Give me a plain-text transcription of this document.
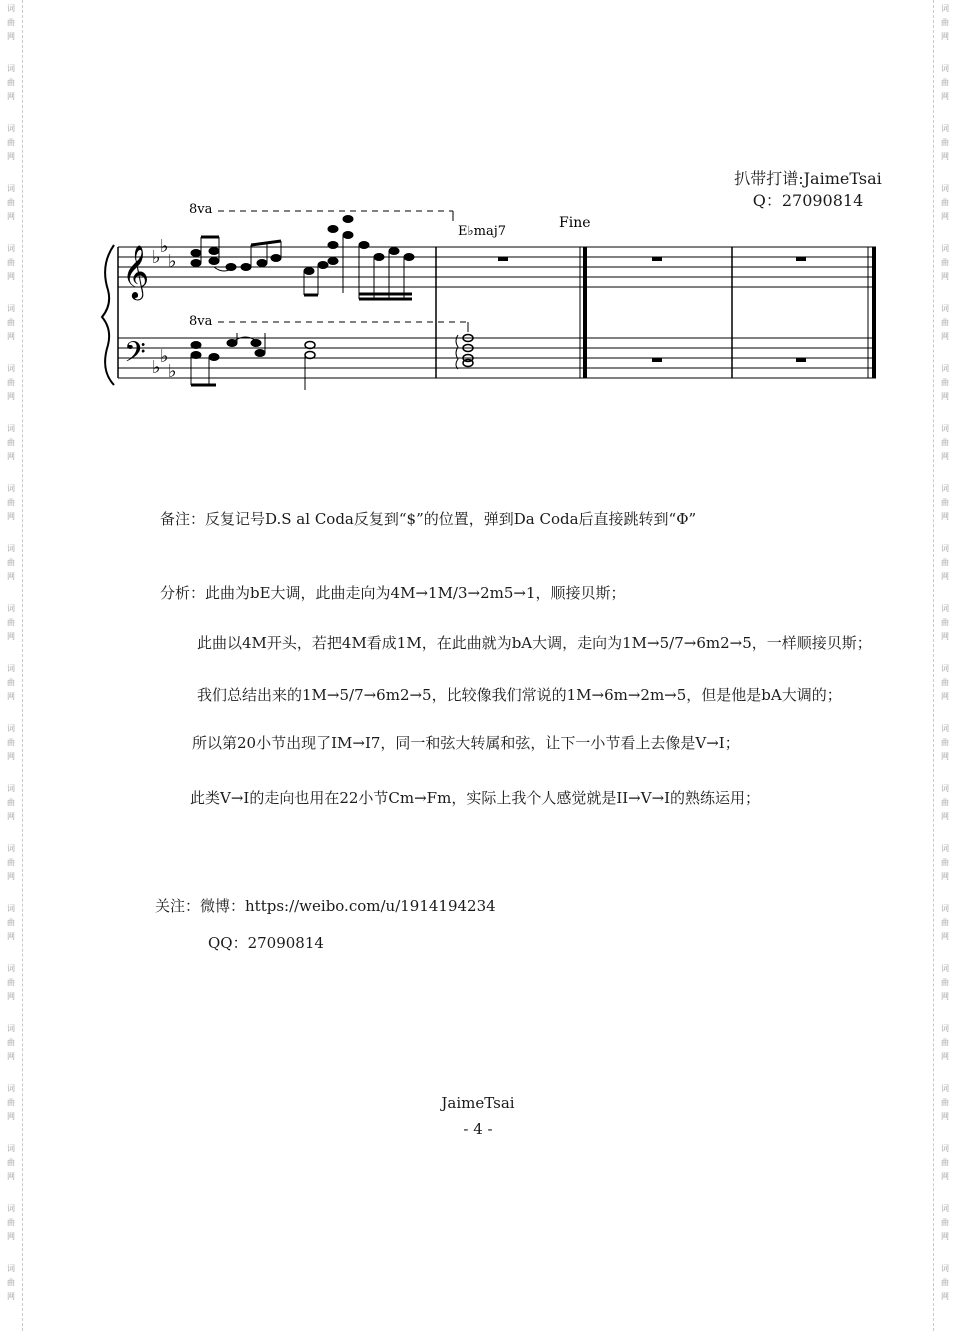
词
曲
网
词
曲
网
词
曲
网
词
曲
网
词
曲
网
词
曲
网
词
曲
网
词
曲
网
词
曲
网
词
曲
网
词
曲
网
词
曲
网
词
曲
网
词
曲
网
词
曲
网
词
曲
网
词
曲
网
词
曲
网
词
曲
网
词
曲
网
词
曲
网
词
曲
网
词
曲
网
词
曲
网
词
曲
网
词
曲
网
词
曲
网
词
曲
网
词
曲
网
词
曲
网
词
曲
网
词
曲
网
词
曲
网
词
曲
网
词
曲
网
词
曲
网
词
曲
网
词
曲
网
词
曲
网
词
曲
网
词
曲
网
词
曲
网
词
曲
网
词
曲
网
扒带打谱:JaimeTsai
Q：27090814
8va
8va
E♭maj7
Fine
𝄞
𝄢
♭
♭
♭
♭
♭
♭
备注：反复记号D.S al Coda反复到“$”的位置，弹到Da Coda后直接跳转到“Φ”
分析：此曲为bE大调，此曲走向为4M→1M/3→2m5→1，顺接贝斯；
此曲以4M开头，若把4M看成1M，在此曲就为bA大调，走向为1M→5/7→6m2→5，一样顺接贝斯；
我们总结出来的1M→5/7→6m2→5，比较像我们常说的1M→6m→2m→5，但是他是bA大调的；
所以第20小节出现了IM→I7，同一和弦大转属和弦，让下一小节看上去像是V→I；
此类V→I的走向也用在22小节Cm→Fm，实际上我个人感觉就是II→V→I的熟练运用；
关注：微博：https://weibo.com/u/1914194234
QQ：27090814
JaimeTsai
- 4 -
